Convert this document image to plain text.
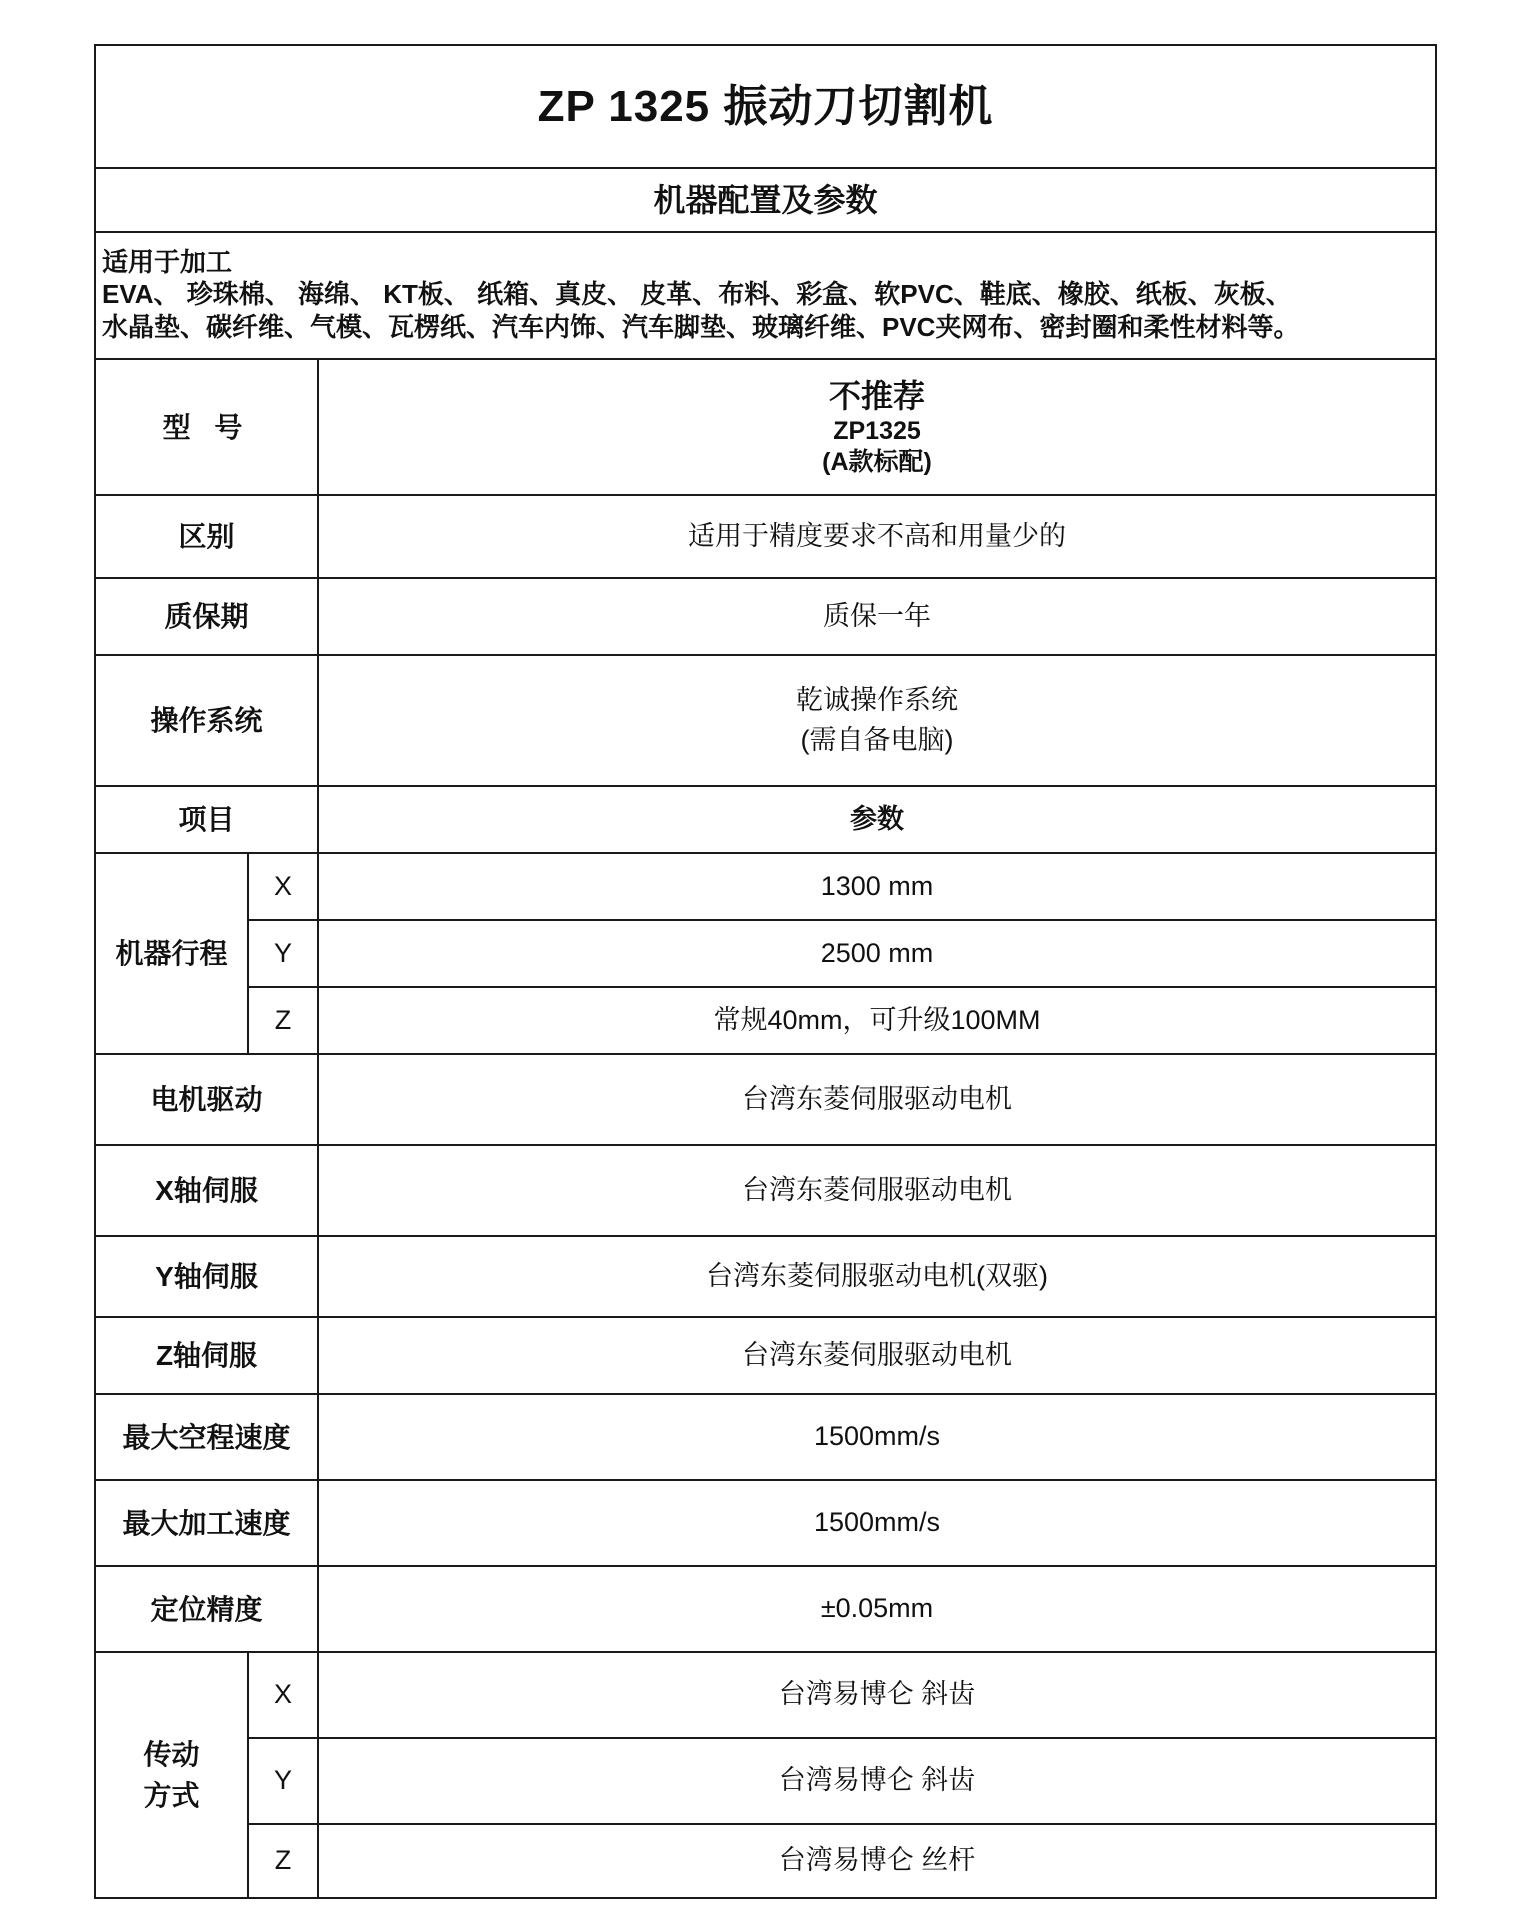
ZP 1325 振动刀切割机		
机器配置及参数		

适用于加工
EVA、 珍珠棉、 海绵、 KT板、 纸箱、真皮、 皮革、布料、彩盒、软PVC、鞋底、橡胶、纸板、灰板、
水晶垫、碳纤维、气模、瓦楞纸、汽车内饰、汽车脚垫、玻璃纤维、PVC夹网布、密封圈和柔性材料等。		

型 号		不推荐
ZP1325
(A款标配)

区别		适用于精度要求不高和用量少的
质保期		质保一年
操作系统		乾诚操作系统
(需自备电脑)

项目		参数
机器行程	X	1300 mm
	Y	2500 mm
	Z	常规40mm，可升级100MM
电机驱动		台湾东菱伺服驱动电机
X轴伺服		台湾东菱伺服驱动电机
Y轴伺服		台湾东菱伺服驱动电机(双驱)
Z轴伺服		台湾东菱伺服驱动电机
最大空程速度		1500mm/s
最大加工速度		1500mm/s
定位精度		±0.05mm

传动
方式	X	台湾易博仑 斜齿
	Y	台湾易博仑 斜齿
	Z	台湾易博仑 丝杆
